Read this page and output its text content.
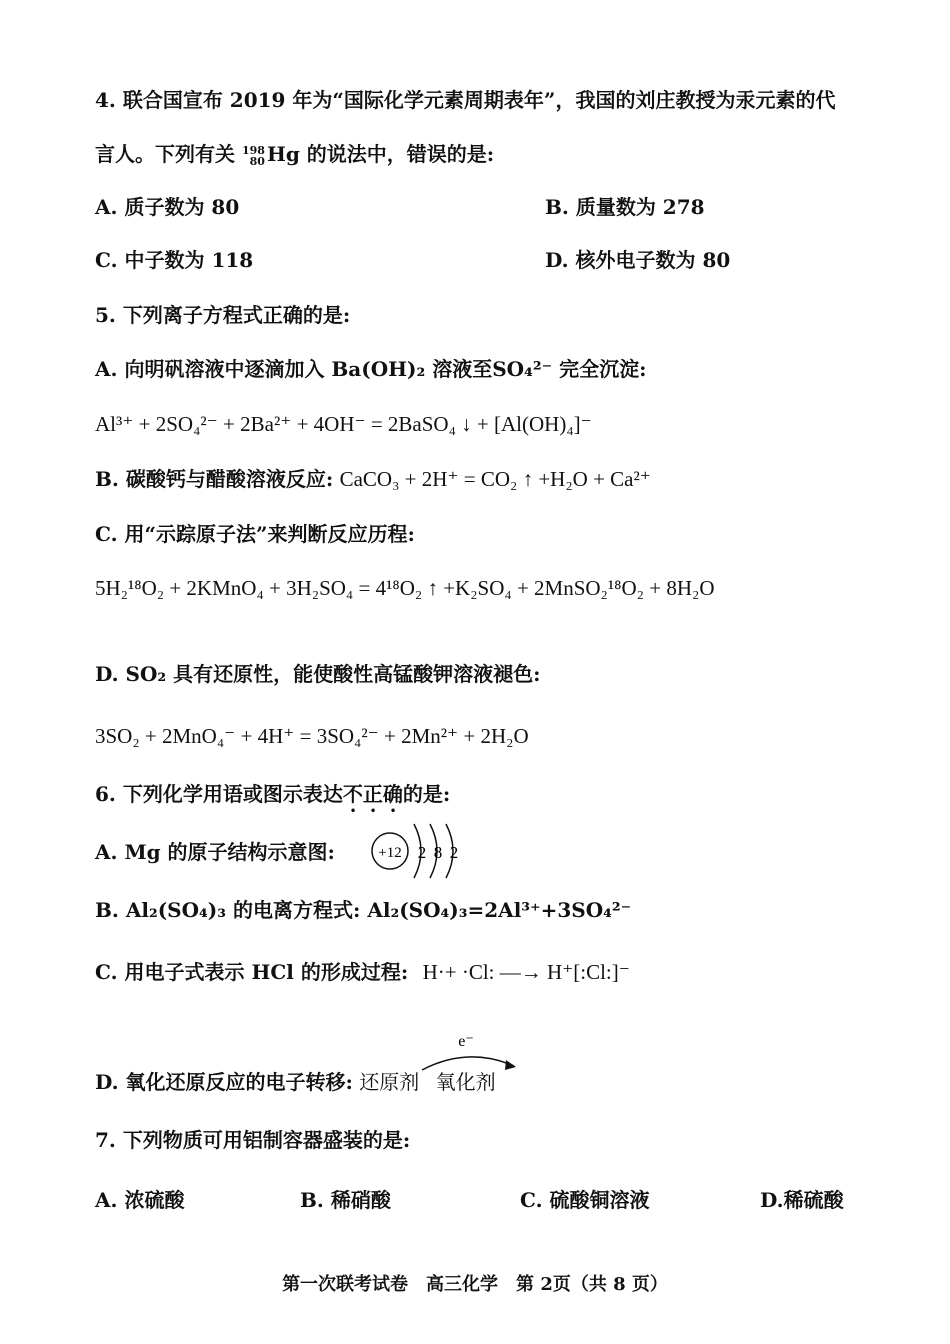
4. 联合国宣布 2019 年为“国际化学元素周期表年”，我国的刘庄教授为汞元素的代
言人。下列有关 198
80 Hg 的说法中，错误的是:
A. 质子数为 80	B. 质量数为 278
C. 中子数为 118	D. 核外电子数为 80
5. 下列离子方程式正确的是:
A. 向明矾溶液中逐滴加入 Ba(OH)₂ 溶液至SO₄²⁻ 完全沉淀:
Al³⁺ + 2SO₄²⁻ + 2Ba²⁺ + 4OH⁻ = 2BaSO₄ ↓ + [Al(OH)₄]⁻
B. 碳酸钙与醋酸溶液反应: CaCO₃ + 2H⁺ = CO₂ ↑ +H₂O + Ca²⁺
C. 用“示踪原子法”来判断反应历程:
5H₂¹⁸O₂ + 2KMnO₄ + 3H₂SO₄ = 4¹⁸O₂ ↑ +K₂SO₄ + 2MnSO₂¹⁸O₂ + 8H₂O
D. SO₂ 具有还原性，能使酸性高锰酸钾溶液褪色:
3SO₂ + 2MnO₄⁻ + 4H⁺ = 3SO₄²⁻ + 2Mn²⁺ + 2H₂O
6. 下列化学用语或图示表达不正确的是:
A. Mg 的原子结构示意图:	+12 2 8 2
B. Al₂(SO₄)₃ 的电离方程式: Al₂(SO₄)₃=2Al³⁺+3SO₄²⁻
C. 用电子式表示 HCl 的形成过程: H·+ ·Cl: —→ H⁺[:Cl:]⁻
D. 氧化还原反应的电子转移: 还原剂 氧化剂
e⁻
7. 下列物质可用铝制容器盛装的是:
A. 浓硫酸	B. 稀硝酸	C. 硫酸铜溶液	D.稀硫酸
第一次联考试卷　高三化学　第 2页（共 8 页）
